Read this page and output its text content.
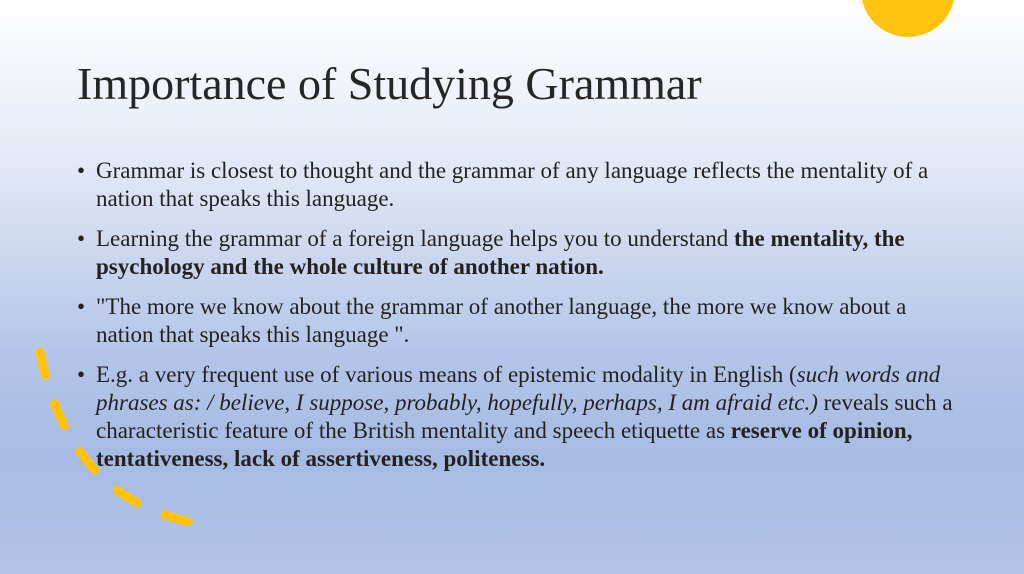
Importance of Studying Grammar
• Grammar is closest to thought and the grammar of any language reflects the mentality of a nation that speaks this language.
• Learning the grammar of a foreign language helps you to understand the mentality, the psychology and the whole culture of another nation.
• "The more we know about the grammar of another language, the more we know about a nation that speaks this language ".
• E.g. a very frequent use of various means of epistemic modality in English (such words and phrases as: / believe, I suppose, probably, hopefully, perhaps, I am afraid etc.) reveals such a characteristic feature of the British mentality and speech etiquette as reserve of opinion, tentativeness, lack of assertiveness, politeness.
